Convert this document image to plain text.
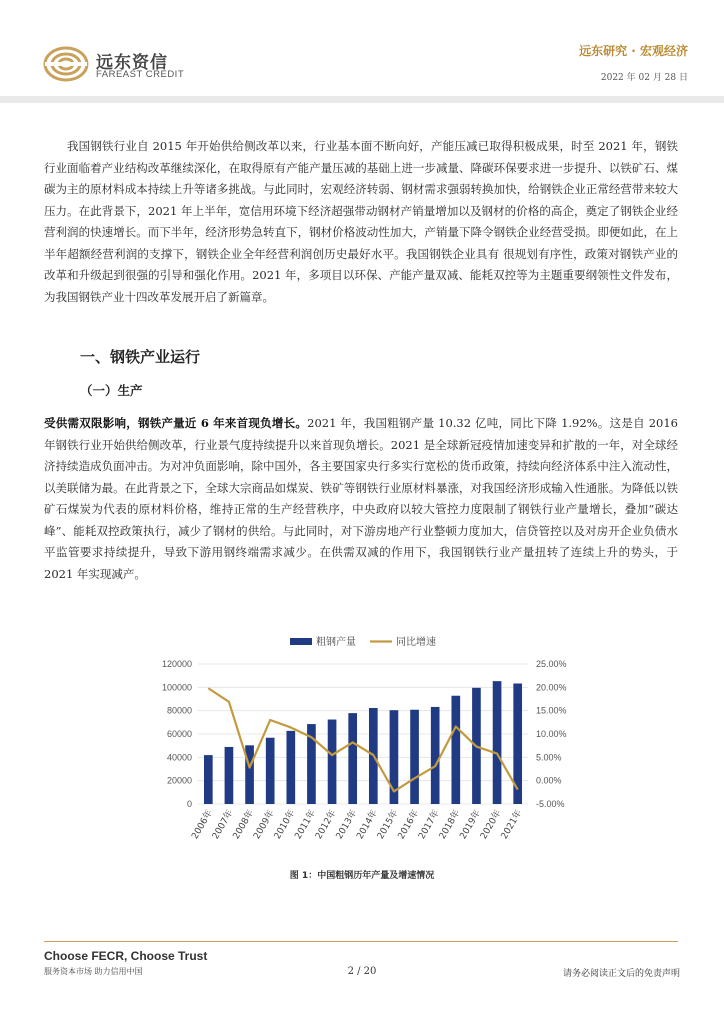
远东资信
FAREAST CREDIT
远东研究 · 宏观经济
2022 年 02 月 28 日
我国钢铁行业自 2015 年开始供给侧改革以来，行业基本面不断向好，产能压减已取得积极成果，时至 2021 年，钢铁行业面临着产业结构改革继续深化，在取得原有产能产量压减的基础上进一步减量、降碳环保要求进一步提升、以铁矿石、煤碳为主的原材料成本持续上升等诸多挑战。与此同时，宏观经济转弱、钢材需求强弱转换加快，给钢铁企业正常经营带来较大压力。在此背景下，2021 年上半年，宽信用环境下经济超强带动钢材产销量增加以及钢材的价格的高企，奠定了钢铁企业经营利润的快速增长。而下半年，经济形势急转直下，钢材价格波动性加大，产销量下降令钢铁企业经营受损。即便如此，在上半年超额经营利润的支撑下，钢铁企业全年经营利润创历史最好水平。我国钢铁企业具有 很规划有序性，政策对钢铁产业的改革和升级起到很强的引导和强化作用。2021 年，多项目以环保、产能产量双减、能耗双控等为主题重要纲领性文件发布，为我国钢铁产业十四改革发展开启了新篇章。
一、钢铁产业运行
（一）生产
受供需双限影响，钢铁产量近 6 年来首现负增长。2021 年，我国粗钢产量 10.32 亿吨，同比下降 1.92%。这是自 2016 年钢铁行业开始供给侧改革，行业景气度持续提升以来首现负增长。2021 是全球新冠疫情加速变异和扩散的一年，对全球经济持续造成负面冲击。为对冲负面影响，除中国外，各主要国家央行多实行宽松的货币政策，持续向经济体系中注入流动性，以美联储为最。在此背景之下，全球大宗商品如煤炭、铁矿等钢铁行业原材料暴涨，对我国经济形成输入性通胀。为降低以铁矿石煤炭为代表的原材料价格，维持正常的生产经营秩序，中央政府以较大管控力度限制了钢铁行业产量增长，叠加“碳达峰”、能耗双控政策执行，减少了钢材的供给。与此同时，对下游房地产行业整顿力度加大，信贷管控以及对房开企业负债水平监管要求持续提升，导致下游用钢终端需求减少。在供需双减的作用下，我国钢铁行业产量扭转了连续上升的势头，于 2021 年实现减产。
0
20000
40000
60000
80000
100000
120000
-5.00%
0.00%
5.00%
10.00%
15.00%
20.00%
25.00%
2006年
2007年
2008年
2009年
2010年
2011年
2012年
2013年
2014年
2015年
2016年
2017年
2018年
2019年
2020年
2021年
粗钢产量	同比增速
图 1：中国粗钢历年产量及增速情况
Choose FECR, Choose Trust
服务资本市场 助力信用中国	2 / 20	请务必阅读正文后的免责声明
